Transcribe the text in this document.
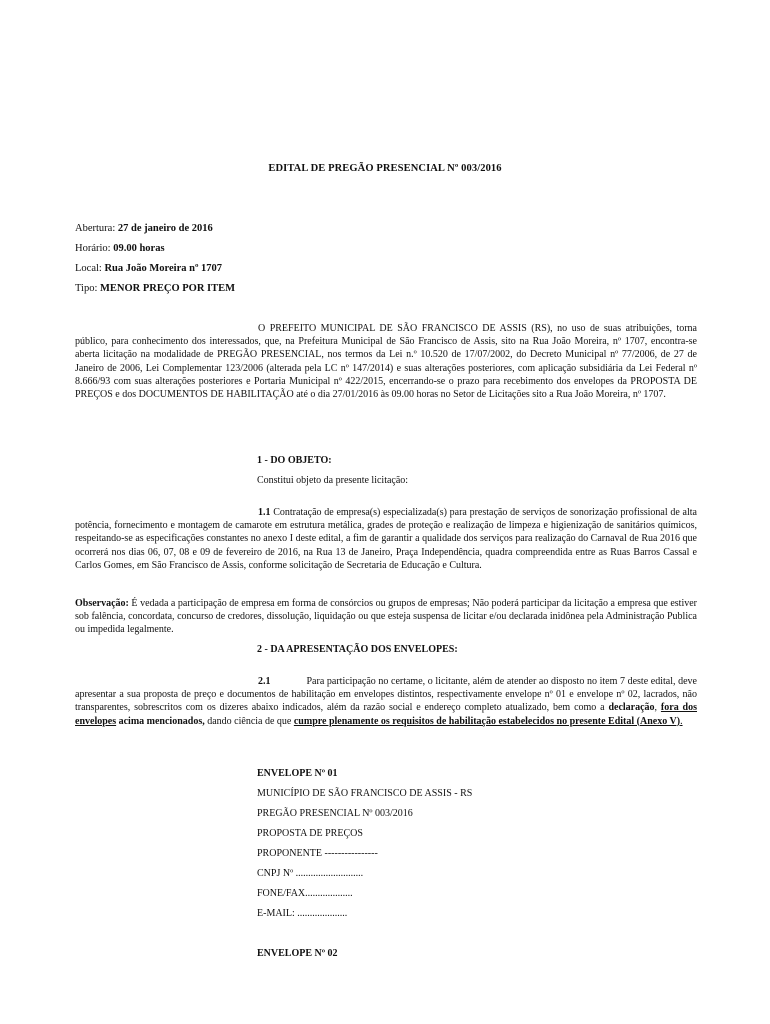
EDITAL DE PREGÃO PRESENCIAL Nº 003/2016
Abertura: 27 de janeiro de 2016
Horário: 09.00 horas
Local: Rua João Moreira nº 1707
Tipo: MENOR PREÇO POR ITEM
O PREFEITO MUNICIPAL DE SÃO FRANCISCO DE ASSIS (RS), no uso de suas atribuições, torna público, para conhecimento dos interessados, que, na Prefeitura Municipal de São Francisco de Assis, sito na Rua João Moreira, nº 1707, encontra-se aberta licitação na modalidade de PREGÃO PRESENCIAL, nos termos da Lei n.º 10.520 de 17/07/2002, do Decreto Municipal nº 77/2006, de 27 de Janeiro de 2006, Lei Complementar 123/2006 (alterada pela LC nº 147/2014) e suas alterações posteriores, com aplicação subsidiária da Lei Federal nº 8.666/93 com suas alterações posteriores e Portaria Municipal nº 422/2015, encerrando-se o prazo para recebimento dos envelopes da PROPOSTA DE PREÇOS e dos DOCUMENTOS DE HABILITAÇÃO até o dia 27/01/2016 às 09.00 horas no Setor de Licitações sito a Rua João Moreira, nº 1707.
1 - DO OBJETO:
Constitui objeto da presente licitação:
1.1 Contratação de empresa(s) especializada(s) para prestação de serviços de sonorização profissional de alta potência, fornecimento e montagem de camarote em estrutura metálica, grades de proteção e realização de limpeza e higienização de sanitários químicos, respeitando-se as especificações constantes no anexo I deste edital, a fim de garantir a qualidade dos serviços para realização do Carnaval de Rua 2016 que ocorrerá nos dias 06, 07, 08 e 09 de fevereiro de 2016, na Rua 13 de Janeiro, Praça Independência, quadra compreendida entre as Ruas Barros Cassal e Carlos Gomes, em São Francisco de Assis, conforme solicitação de Secretaria de Educação e Cultura.
Observação: É vedada a participação de empresa em forma de consórcios ou grupos de empresas; Não poderá participar da licitação a empresa que estiver sob falência, concordata, concurso de credores, dissolução, liquidação ou que esteja suspensa de licitar e/ou declarada inidônea pela Administração Publica ou impedida legalmente.
2 - DA APRESENTAÇÃO DOS ENVELOPES:
2.1	Para participação no certame, o licitante, além de atender ao disposto no item 7 deste edital, deve apresentar a sua proposta de preço e documentos de habilitação em envelopes distintos, respectivamente envelope nº 01 e envelope nº 02, lacrados, não transparentes, sobrescritos com os dizeres abaixo indicados, além da razão social e endereço completo atualizado, bem como a declaração, fora dos envelopes acima mencionados, dando ciência de que cumpre plenamente os requisitos de habilitação estabelecidos no presente Edital (Anexo V).
ENVELOPE Nº 01
MUNICÍPIO DE SÃO FRANCISCO DE ASSIS - RS
PREGÃO PRESENCIAL Nº 003/2016
PROPOSTA DE PREÇOS
PROPONENTE ----------------
CNPJ Nº ...........................
FONE/FAX...................
E-MAIL: ....................
ENVELOPE Nº 02
